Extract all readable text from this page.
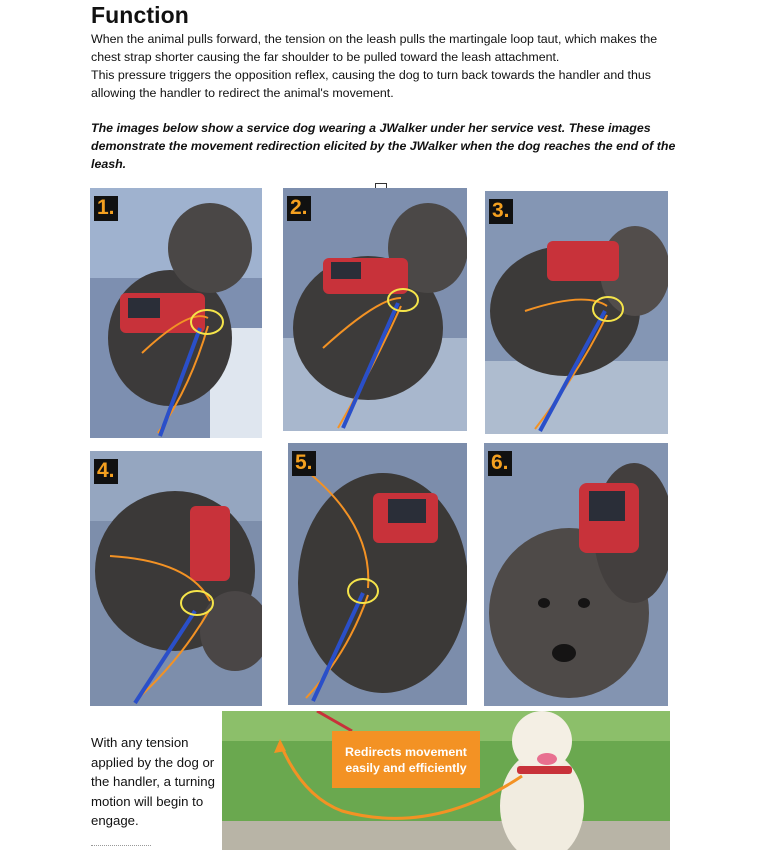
Function
When the animal pulls forward, the tension on the leash pulls the martingale loop taut, which makes the chest strap shorter causing the far shoulder to be pulled toward the leash attachment.
This pressure triggers the opposition reflex, causing the dog to turn back towards the handler and thus allowing the handler to redirect the animal's movement.

The images below show a service dog wearing a JWalker under her service vest. These images demonstrate the movement redirection elicited by the JWalker when the dog reaches the end of the leash.

1.	2.	3.
4.	5.	6.

With any tension applied by the dog or the handler, a turning motion will begin to engage.

Redirects movement easily and efficiently
